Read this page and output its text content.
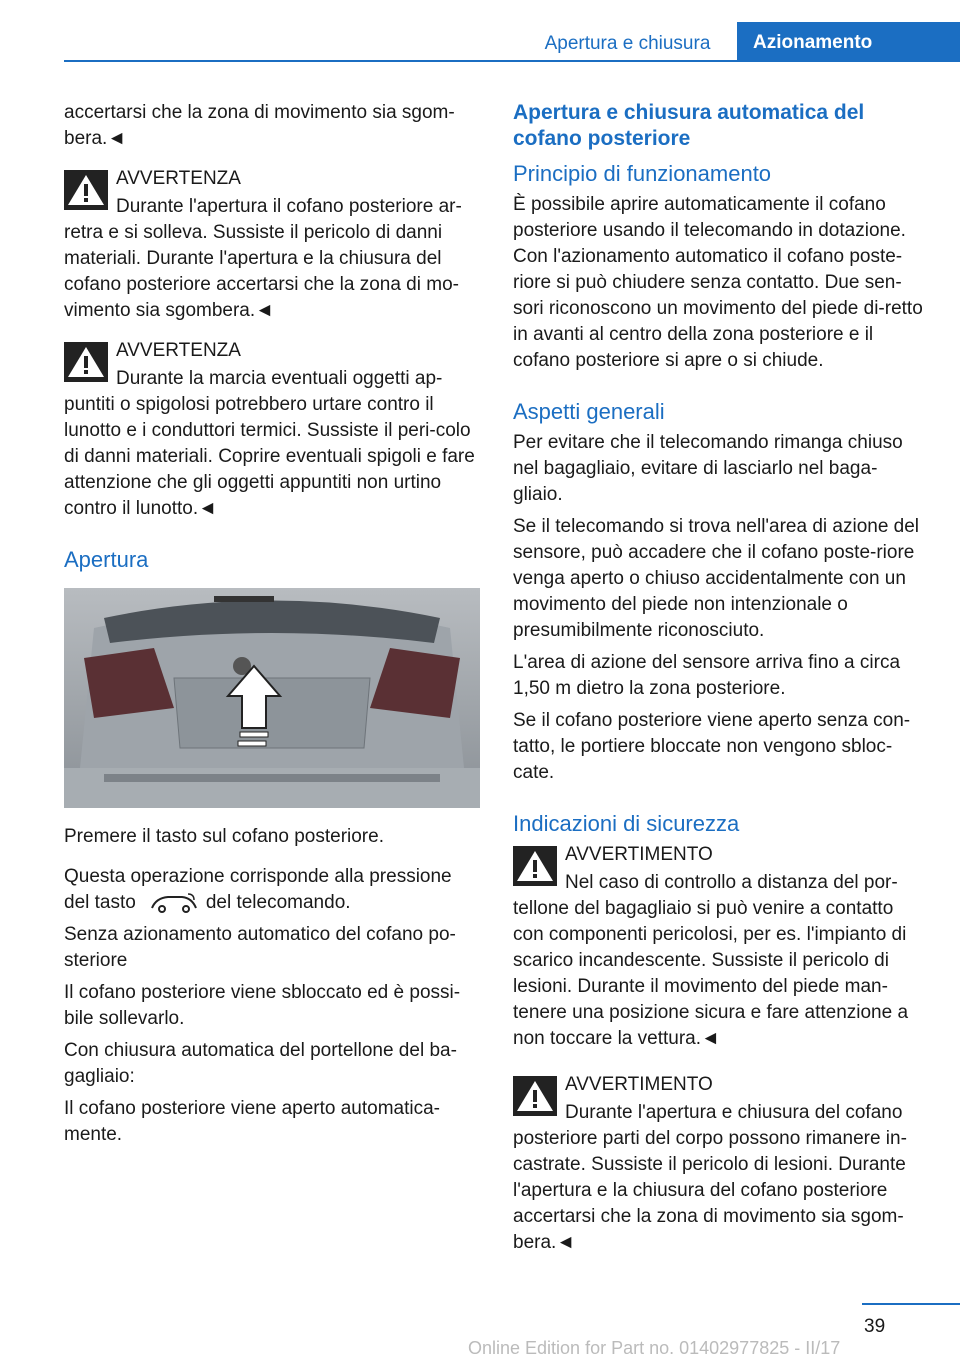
Apertura e chiusura	Azionamento

accertarsi che la zona di movimento sia sgom-bera.◄

AVVERTENZA
Durante l'apertura il cofano posteriore ar-
retra e si solleva. Sussiste il pericolo di danni materiali. Durante l'apertura e la chiusura del cofano posteriore accertarsi che la zona di mo-vimento sia sgombera.◄
AVVERTENZA
Durante la marcia eventuali oggetti ap-
puntiti o spigolosi potrebbero urtare contro il lunotto e i conduttori termici. Sussiste il peri-colo di danni materiali. Coprire eventuali spigoli e fare attenzione che gli oggetti appuntiti non urtino contro il lunotto.◄
Apertura

Premere il tasto sul cofano posteriore.

Questa operazione corrisponde alla pressione del tasto	del telecomando.

Senza azionamento automatico del cofano po-steriore

Il cofano posteriore viene sbloccato ed è possi-bile sollevarlo.

Con chiusura automatica del portellone del ba-gagliaio:

Il cofano posteriore viene aperto automatica-mente.

Apertura e chiusura automatica del cofano posteriore
Principio di funzionamento

È possibile aprire automaticamente il cofano posteriore usando il telecomando in dotazione. Con l'azionamento automatico il cofano poste-riore si può chiudere senza contatto. Due sen-sori riconoscono un movimento del piede di-retto in avanti al centro della zona posteriore e il cofano posteriore si apre o si chiude.

Aspetti generali

Per evitare che il telecomando rimanga chiuso nel bagagliaio, evitare di lasciarlo nel baga-gliaio.

Se il telecomando si trova nell'area di azione del sensore, può accadere che il cofano poste-riore venga aperto o chiuso accidentalmente con un movimento del piede non intenzionale o presumibilmente riconosciuto.

L'area di azione del sensore arriva fino a circa 1,50 m dietro la zona posteriore.

Se il cofano posteriore viene aperto senza con-tatto, le portiere bloccate non vengono sbloc-cate.

Indicazioni di sicurezza
AVVERTIMENTO
Nel caso di controllo a distanza del por-
tellone del bagagliaio si può venire a contatto con componenti pericolosi, per es. l'impianto di scarico incandescente. Sussiste il pericolo di lesioni. Durante il movimento del piede man-tenere una posizione sicura e fare attenzione a non toccare la vettura.◄
AVVERTIMENTO
Durante l'apertura e chiusura del cofano
posteriore parti del corpo possono rimanere in-castrate. Sussiste il pericolo di lesioni. Durante l'apertura e la chiusura del cofano posteriore accertarsi che la zona di movimento sia sgom-bera.◄
39
Online Edition for Part no. 01402977825 - II/17
